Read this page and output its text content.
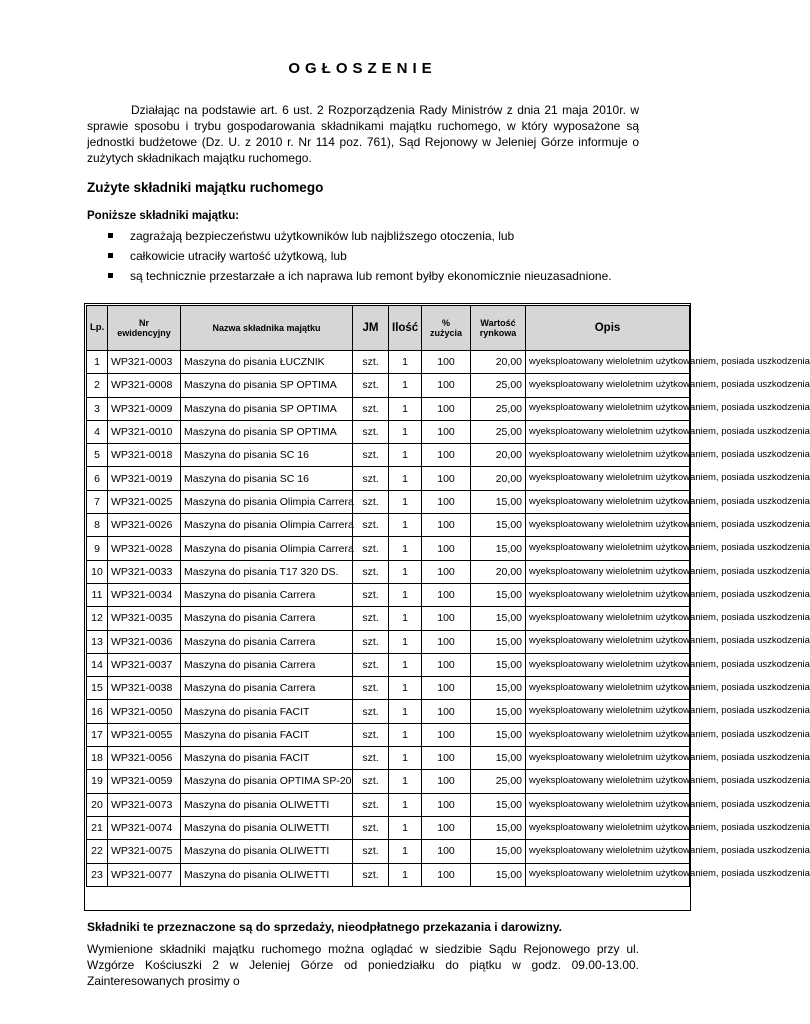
OGŁOSZENIE

Działając na podstawie art. 6 ust. 2 Rozporządzenia Rady Ministrów z dnia 21 maja 2010r. w sprawie sposobu i trybu gospodarowania składnikami majątku ruchomego, w który wyposażone są jednostki budżetowe (Dz. U. z 2010 r. Nr 114 poz. 761), Sąd Rejonowy w Jeleniej Górze informuje o zużytych składnikach majątku ruchomego.

Zużyte składniki majątku ruchomego

Poniższe składniki majątku:

zagrażają bezpieczeństwu użytkowników lub najbliższego otoczenia, lub
całkowicie utraciły wartość użytkową, lub
są technicznie przestarzałe a ich naprawa lub remont byłby ekonomicznie nieuzasadnione.
Lp.	Nr ewidencyjny	Nazwa składnika majątku	JM	Ilość	% zużycia	Wartość rynkowa	Opis
1	WP321-0003	Maszyna do pisania ŁUCZNIK	szt.	1	100	20,00	wyeksploatowany wieloletnim użytkowaniem, posiada uszkodzenia
2	WP321-0008	Maszyna do pisania SP OPTIMA	szt.	1	100	25,00	wyeksploatowany wieloletnim użytkowaniem, posiada uszkodzenia
3	WP321-0009	Maszyna do pisania SP OPTIMA	szt.	1	100	25,00	wyeksploatowany wieloletnim użytkowaniem, posiada uszkodzenia
4	WP321-0010	Maszyna do pisania SP OPTIMA	szt.	1	100	25,00	wyeksploatowany wieloletnim użytkowaniem, posiada uszkodzenia
5	WP321-0018	Maszyna do pisania SC 16	szt.	1	100	20,00	wyeksploatowany wieloletnim użytkowaniem, posiada uszkodzenia
6	WP321-0019	Maszyna do pisania SC 16	szt.	1	100	20,00	wyeksploatowany wieloletnim użytkowaniem, posiada uszkodzenia
7	WP321-0025	Maszyna do pisania Olimpia Carrera	szt.	1	100	15,00	wyeksploatowany wieloletnim użytkowaniem, posiada uszkodzenia
8	WP321-0026	Maszyna do pisania Olimpia Carrera	szt.	1	100	15,00	wyeksploatowany wieloletnim użytkowaniem, posiada uszkodzenia
9	WP321-0028	Maszyna do pisania Olimpia Carrera	szt.	1	100	15,00	wyeksploatowany wieloletnim użytkowaniem, posiada uszkodzenia
10	WP321-0033	Maszyna do pisania T17 320 DS.	szt.	1	100	20,00	wyeksploatowany wieloletnim użytkowaniem, posiada uszkodzenia
11	WP321-0034	Maszyna do pisania Carrera	szt.	1	100	15,00	wyeksploatowany wieloletnim użytkowaniem, posiada uszkodzenia
12	WP321-0035	Maszyna do pisania Carrera	szt.	1	100	15,00	wyeksploatowany wieloletnim użytkowaniem, posiada uszkodzenia
13	WP321-0036	Maszyna do pisania Carrera	szt.	1	100	15,00	wyeksploatowany wieloletnim użytkowaniem, posiada uszkodzenia
14	WP321-0037	Maszyna do pisania Carrera	szt.	1	100	15,00	wyeksploatowany wieloletnim użytkowaniem, posiada uszkodzenia
15	WP321-0038	Maszyna do pisania Carrera	szt.	1	100	15,00	wyeksploatowany wieloletnim użytkowaniem, posiada uszkodzenia
16	WP321-0050	Maszyna do pisania FACIT	szt.	1	100	15,00	wyeksploatowany wieloletnim użytkowaniem, posiada uszkodzenia
17	WP321-0055	Maszyna do pisania FACIT	szt.	1	100	15,00	wyeksploatowany wieloletnim użytkowaniem, posiada uszkodzenia
18	WP321-0056	Maszyna do pisania FACIT	szt.	1	100	15,00	wyeksploatowany wieloletnim użytkowaniem, posiada uszkodzenia
19	WP321-0059	Maszyna do pisania OPTIMA SP-20	szt.	1	100	25,00	wyeksploatowany wieloletnim użytkowaniem, posiada uszkodzenia
20	WP321-0073	Maszyna do pisania OLIWETTI	szt.	1	100	15,00	wyeksploatowany wieloletnim użytkowaniem, posiada uszkodzenia
21	WP321-0074	Maszyna do pisania OLIWETTI	szt.	1	100	15,00	wyeksploatowany wieloletnim użytkowaniem, posiada uszkodzenia
22	WP321-0075	Maszyna do pisania OLIWETTI	szt.	1	100	15,00	wyeksploatowany wieloletnim użytkowaniem, posiada uszkodzenia
23	WP321-0077	Maszyna do pisania OLIWETTI	szt.	1	100	15,00	wyeksploatowany wieloletnim użytkowaniem, posiada uszkodzenia

Składniki te przeznaczone są do sprzedaży, nieodpłatnego przekazania i darowizny.

Wymienione składniki majątku ruchomego można oglądać w siedzibie Sądu Rejonowego przy ul. Wzgórze Kościuszki 2 w Jeleniej Górze od poniedziałku do piątku w godz. 09.00-13.00. Zainteresowanych prosimy o
